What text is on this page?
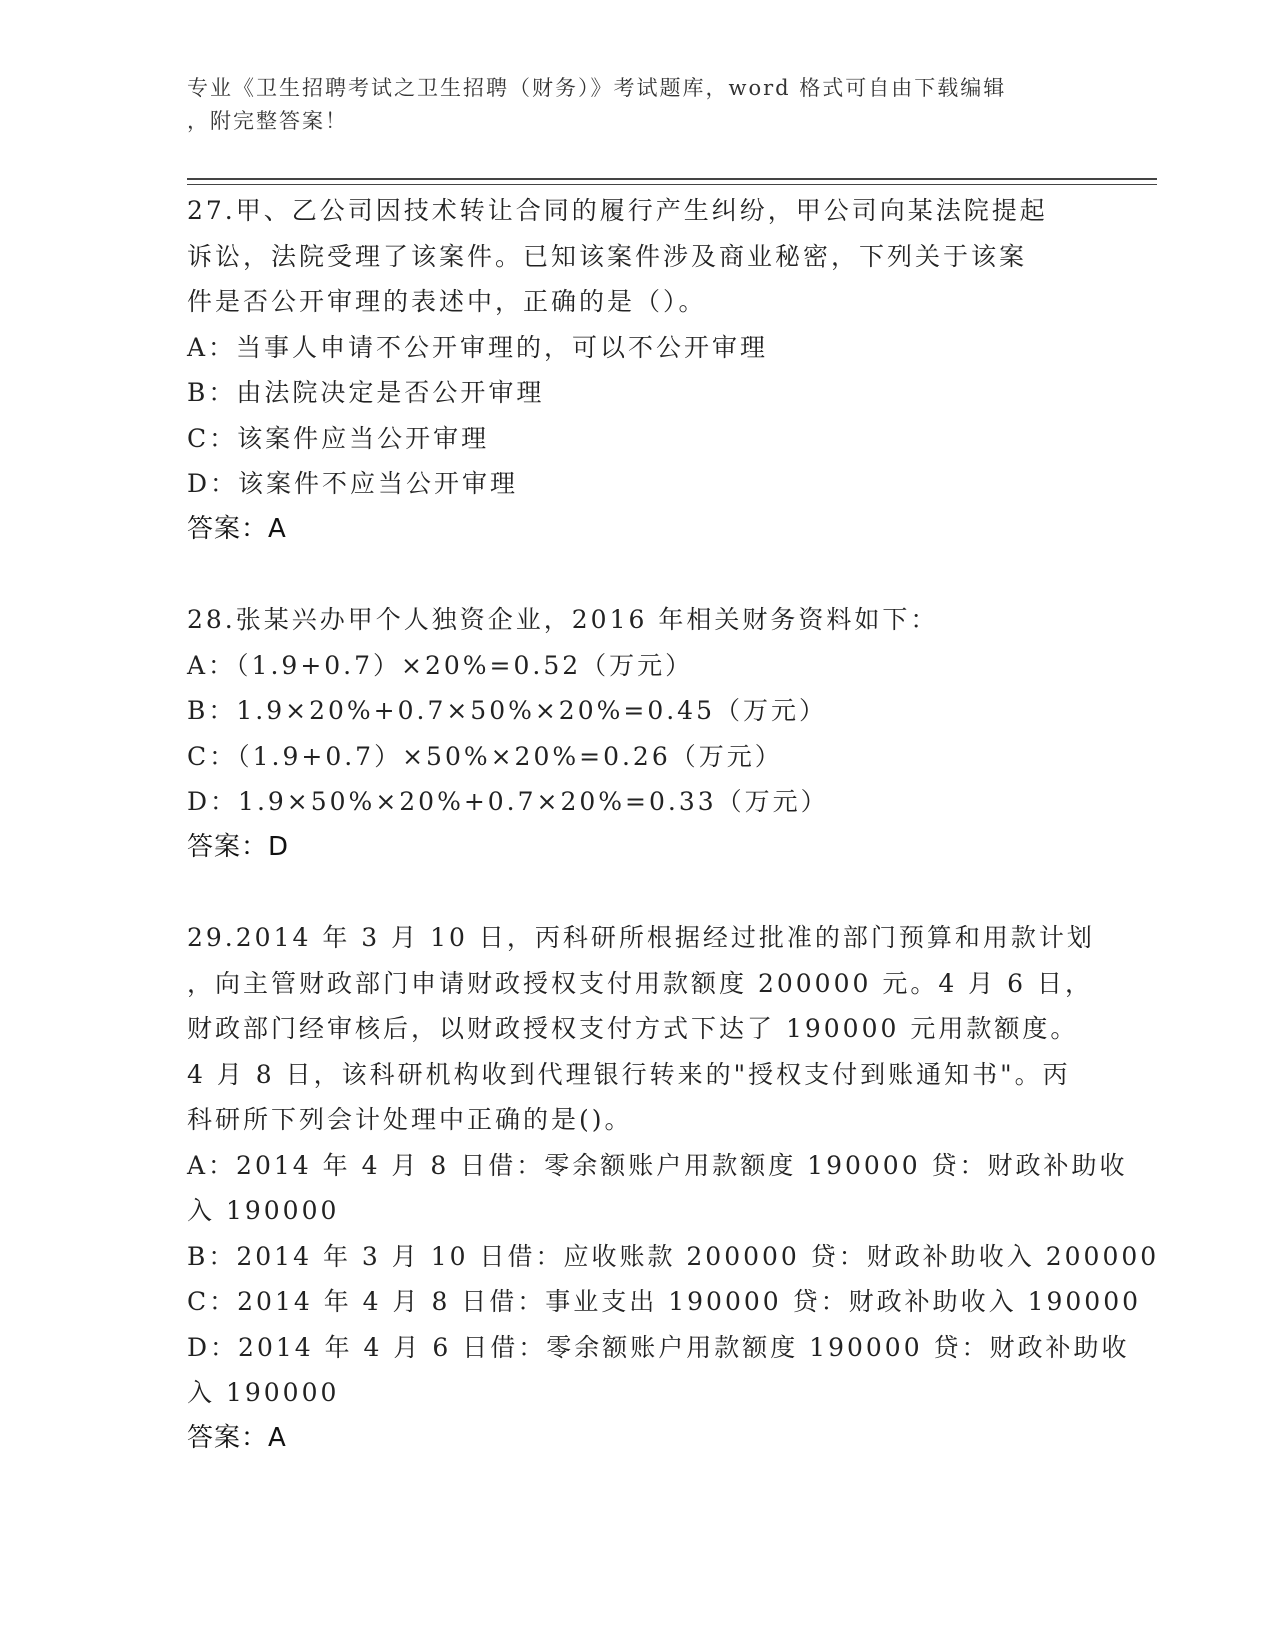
专业《卫生招聘考试之卫生招聘（财务）》考试题库，word 格式可自由下载编辑
，附完整答案！
27.甲、乙公司因技术转让合同的履行产生纠纷，甲公司向某法院提起
诉讼，法院受理了该案件。已知该案件涉及商业秘密，下列关于该案
件是否公开审理的表述中，正确的是（）。
A：当事人申请不公开审理的，可以不公开审理
B：由法院决定是否公开审理
C：该案件应当公开审理
D：该案件不应当公开审理
答案：A
28.张某兴办甲个人独资企业，2016 年相关财务资料如下：
A：（1.9+0.7）×20%=0.52（万元）
B：1.9×20%+0.7×50%×20%=0.45（万元）
C：（1.9+0.7）×50%×20%=0.26（万元）
D：1.9×50%×20%+0.7×20%=0.33（万元）
答案：D
29.2014 年 3 月 10 日，丙科研所根据经过批准的部门预算和用款计划
，向主管财政部门申请财政授权支付用款额度 200000 元。4 月 6 日，
财政部门经审核后，以财政授权支付方式下达了 190000 元用款额度。
4 月 8 日，该科研机构收到代理银行转来的"授权支付到账通知书"。丙
科研所下列会计处理中正确的是()。
A：2014 年 4 月 8 日借：零余额账户用款额度 190000 贷：财政补助收
入 190000
B：2014 年 3 月 10 日借：应收账款 200000 贷：财政补助收入 200000
C：2014 年 4 月 8 日借：事业支出 190000 贷：财政补助收入 190000
D：2014 年 4 月 6 日借：零余额账户用款额度 190000 贷：财政补助收
入 190000
答案：A
